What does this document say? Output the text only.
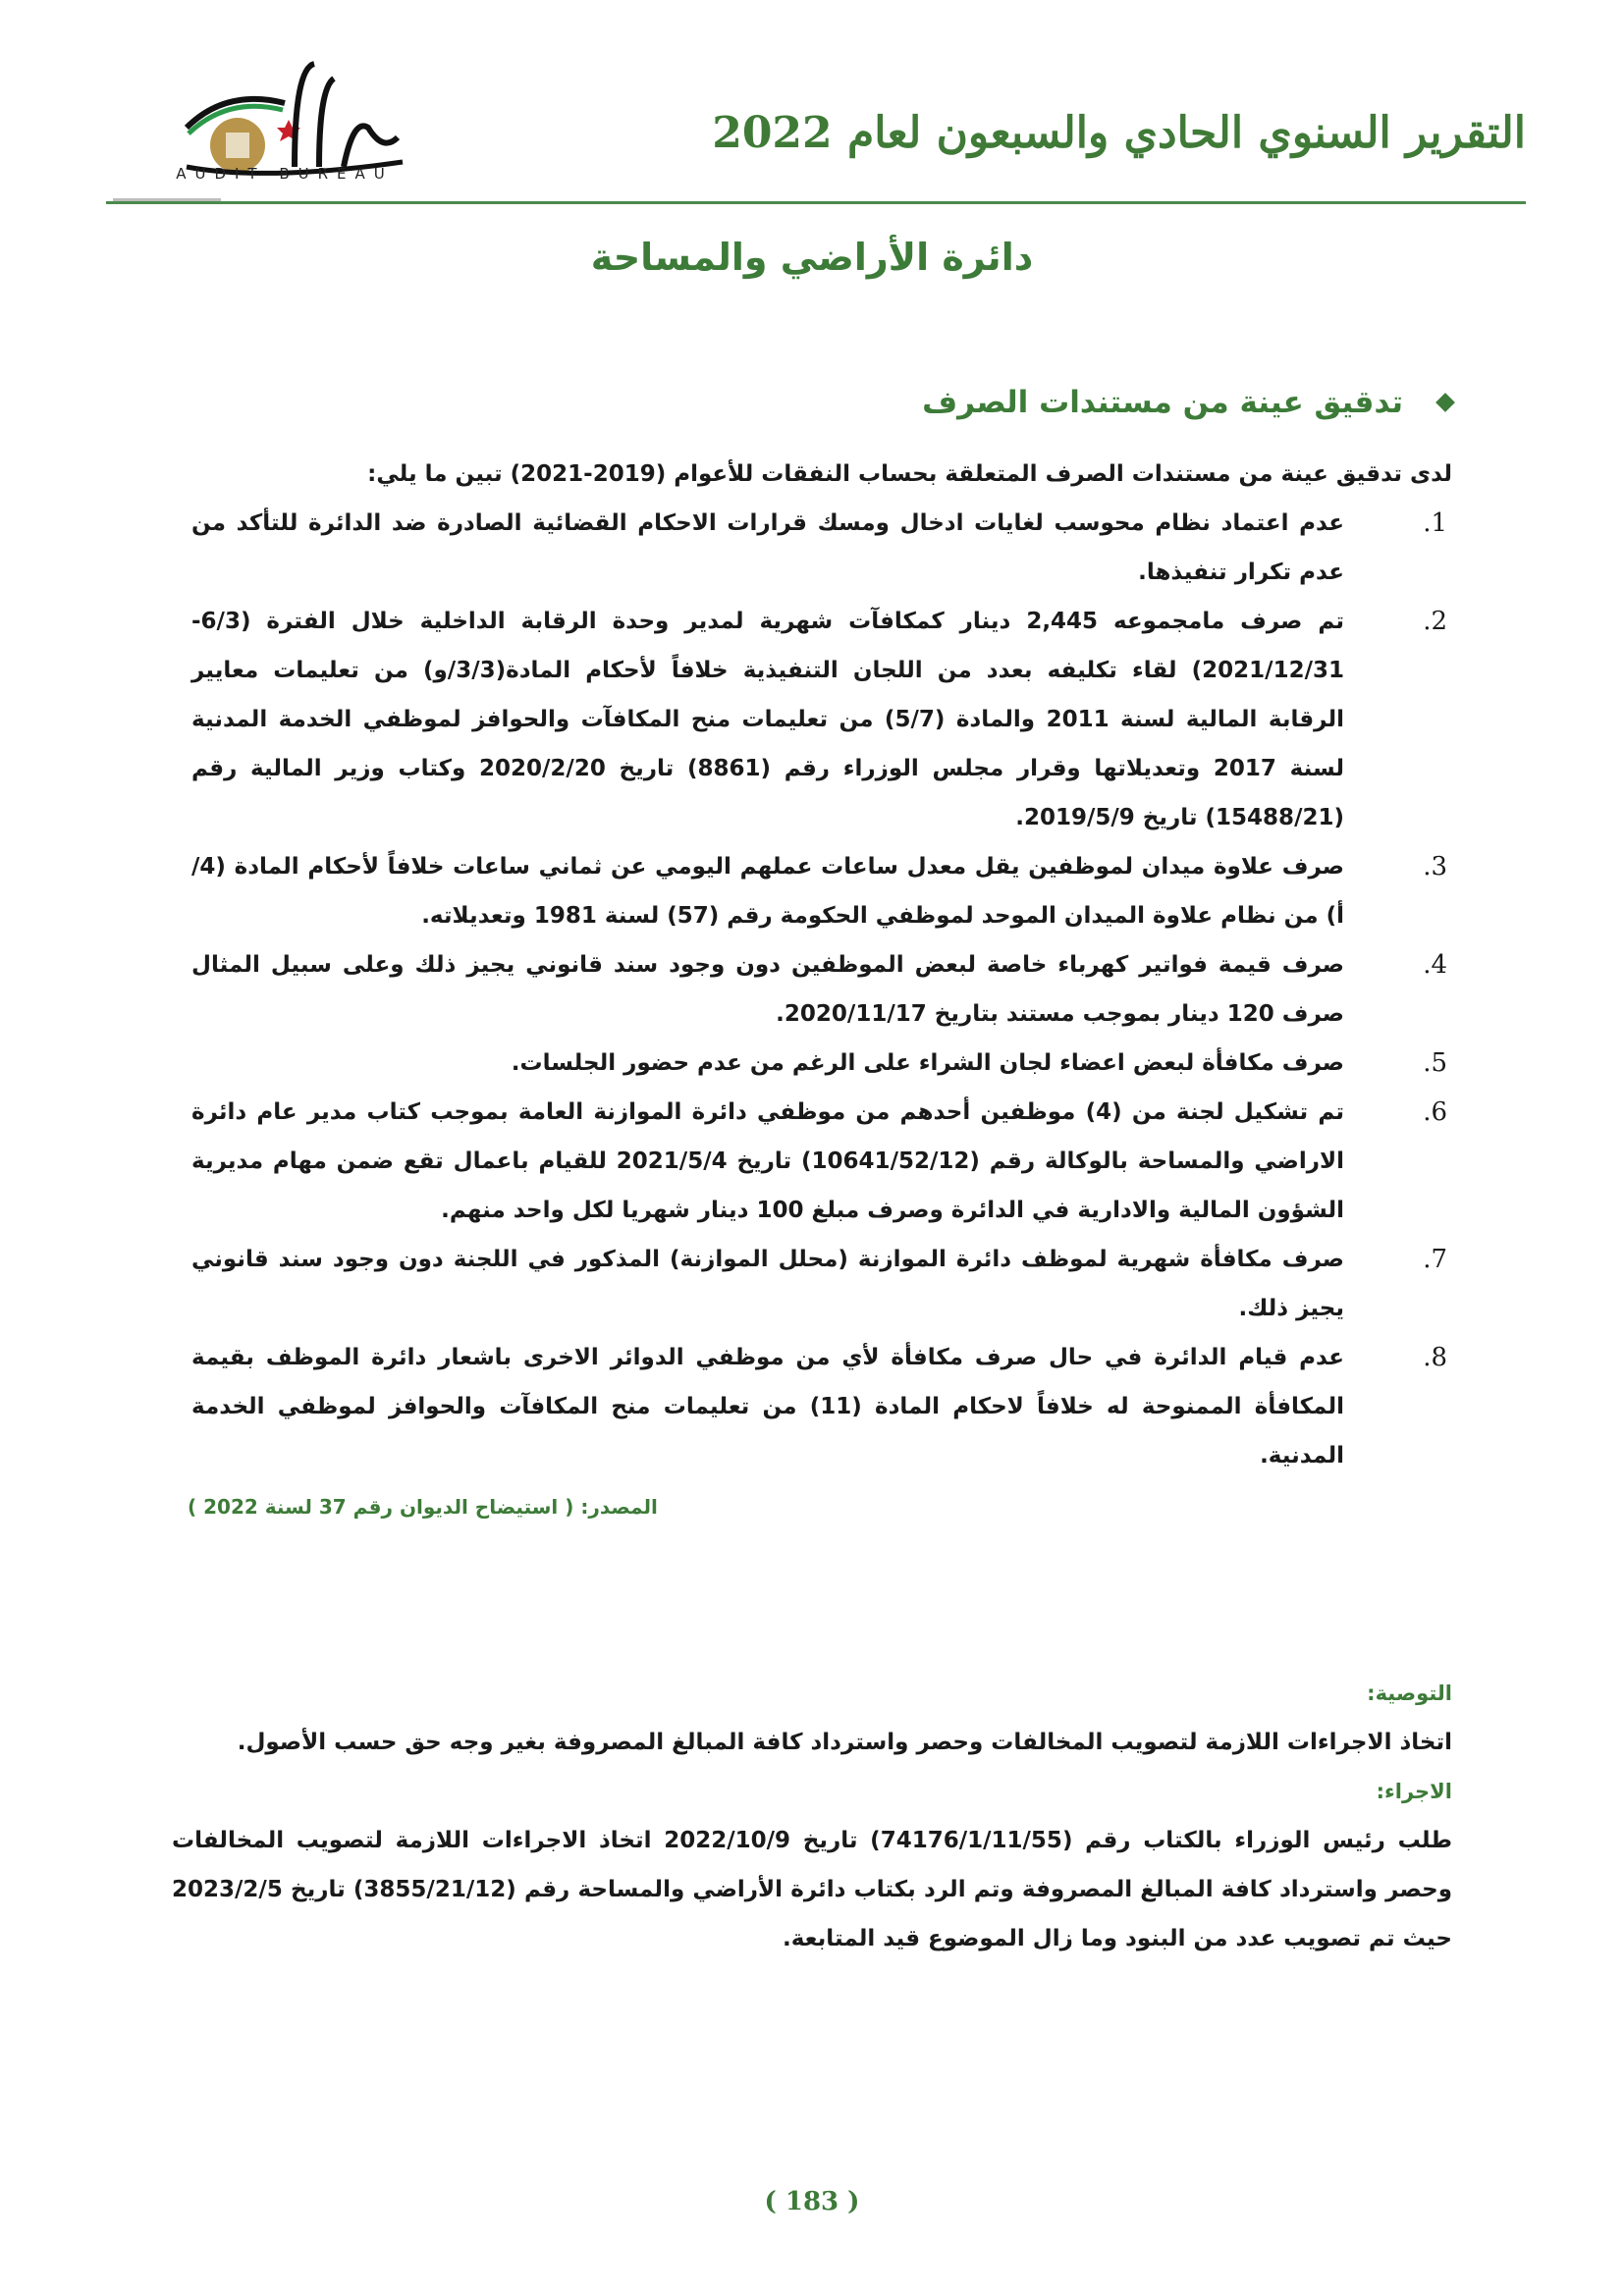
AUDIT BUREAU
التقرير السنوي الحادي والسبعون لعام 2022
دائرة الأراضي والمساحة
تدقيق عينة من مستندات الصرف
لدى تدقيق عينة من مستندات الصرف المتعلقة بحساب النفقات للأعوام (2019-2021) تبين ما يلي:
1.
عدم اعتماد نظام محوسب لغايات ادخال ومسك قرارات الاحكام القضائية الصادرة ضد الدائرة للتأكد من عدم تكرار تنفيذها.
2.
تم صرف مامجموعه 2,445 دينار كمكافآت شهرية لمدير وحدة الرقابة الداخلية خلال الفترة (6/3-2021/12/31) لقاء تكليفه بعدد من اللجان التنفيذية خلافاً لأحكام المادة(3/3/و) من تعليمات معايير الرقابة المالية لسنة 2011 والمادة (5/7) من تعليمات منح المكافآت والحوافز لموظفي الخدمة المدنية لسنة 2017 وتعديلاتها وقرار مجلس الوزراء رقم (8861) تاريخ 2020/2/20 وكتاب وزير المالية رقم (15488/21) تاريخ 2019/5/9.
3.
صرف علاوة ميدان لموظفين يقل معدل ساعات عملهم اليومي عن ثماني ساعات خلافاً لأحكام المادة (4/ أ) من نظام علاوة الميدان الموحد لموظفي الحكومة رقم (57) لسنة 1981 وتعديلاته.
4.
صرف قيمة فواتير كهرباء خاصة لبعض الموظفين دون وجود سند قانوني يجيز ذلك وعلى سبيل المثال صرف 120 دينار بموجب مستند بتاريخ 2020/11/17.
5.
صرف مكافأة لبعض اعضاء لجان الشراء على الرغم من عدم حضور الجلسات.
6.
تم تشكيل لجنة من (4) موظفين أحدهم من موظفي دائرة الموازنة العامة بموجب كتاب مدير عام دائرة الاراضي والمساحة بالوكالة رقم (10641/52/12) تاريخ 2021/5/4 للقيام باعمال تقع ضمن مهام مديرية الشؤون المالية والادارية في الدائرة وصرف مبلغ 100 دينار شهريا لكل واحد منهم.
7.
صرف مكافأة شهرية لموظف دائرة الموازنة (محلل الموازنة) المذكور في اللجنة دون وجود سند قانوني يجيز ذلك.
8.
عدم قيام الدائرة في حال صرف مكافأة لأي من موظفي الدوائر الاخرى باشعار دائرة الموظف بقيمة المكافأة الممنوحة له خلافاً لاحكام المادة (11) من تعليمات منح المكافآت والحوافز لموظفي الخدمة المدنية.
المصدر: ( استيضاح الديوان رقم 37 لسنة 2022 )
التوصية:
اتخاذ الاجراءات اللازمة لتصويب المخالفات وحصر واسترداد كافة المبالغ المصروفة بغير وجه حق حسب الأصول.
الاجراء:
طلب رئيس الوزراء بالكتاب رقم (74176/1/11/55) تاريخ 2022/10/9 اتخاذ الاجراءات اللازمة لتصويب المخالفات وحصر واسترداد كافة المبالغ المصروفة وتم الرد بكتاب دائرة الأراضي والمساحة رقم (3855/21/12) تاريخ 2023/2/5 حيث تم تصويب عدد من البنود وما زال الموضوع قيد المتابعة.
( 183 )
